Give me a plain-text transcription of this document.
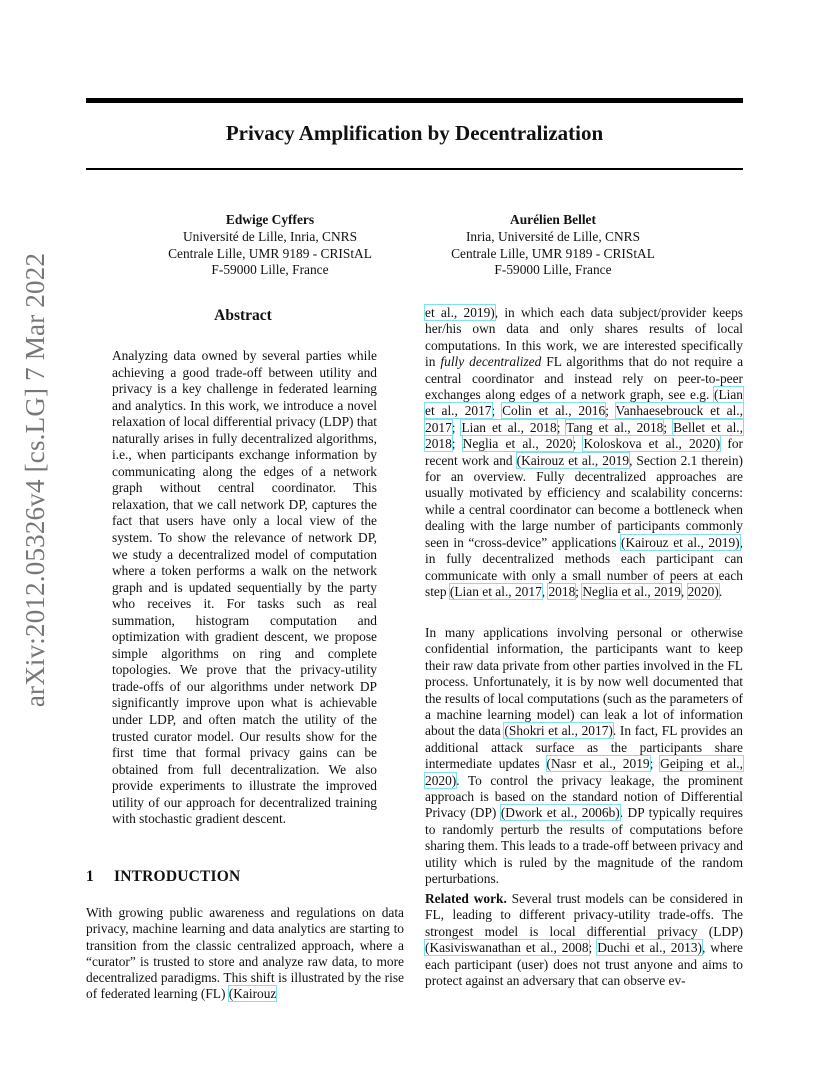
Privacy Amplification by Decentralization
arXiv:2012.05326v4 [cs.LG] 7 Mar 2022
Edwige Cyffers
Université de Lille, Inria, CNRS
Centrale Lille, UMR 9189 - CRIStAL
F-59000 Lille, France
Aurélien Bellet
Inria, Université de Lille, CNRS
Centrale Lille, UMR 9189 - CRIStAL
F-59000 Lille, France
Abstract
Analyzing data owned by several parties while achieving a good trade-off between utility and privacy is a key challenge in federated learning and analytics. In this work, we introduce a novel relaxation of local differential privacy (LDP) that naturally arises in fully decentralized algorithms, i.e., when participants exchange information by communicating along the edges of a network graph without central coordinator. This relaxation, that we call network DP, captures the fact that users have only a local view of the system. To show the relevance of network DP, we study a decentralized model of computation where a token performs a walk on the network graph and is updated sequentially by the party who receives it. For tasks such as real summation, histogram computation and optimization with gradient descent, we propose simple algorithms on ring and complete topologies. We prove that the privacy-utility trade-offs of our algorithms under network DP significantly improve upon what is achievable under LDP, and often match the utility of the trusted curator model. Our results show for the first time that formal privacy gains can be obtained from full decentralization. We also provide experiments to illustrate the improved utility of our approach for decentralized training with stochastic gradient descent.
1 INTRODUCTION
With growing public awareness and regulations on data privacy, machine learning and data analytics are starting to transition from the classic centralized approach, where a “curator” is trusted to store and analyze raw data, to more decentralized paradigms. This shift is illustrated by the rise of federated learning (FL) (Kairouz
et al., 2019), in which each data subject/provider keeps her/his own data and only shares results of local computations. In this work, we are interested specifically in fully decentralized FL algorithms that do not require a central coordinator and instead rely on peer-to-peer exchanges along edges of a network graph, see e.g. (Lian et al., 2017; Colin et al., 2016; Vanhaesebrouck et al., 2017; Lian et al., 2018; Tang et al., 2018; Bellet et al., 2018; Neglia et al., 2020; Koloskova et al., 2020) for recent work and (Kairouz et al., 2019, Section 2.1 therein) for an overview. Fully decentralized approaches are usually motivated by efficiency and scalability concerns: while a central coordinator can become a bottleneck when dealing with the large number of participants commonly seen in “cross-device” applications (Kairouz et al., 2019), in fully decentralized methods each participant can communicate with only a small number of peers at each step (Lian et al., 2017, 2018; Neglia et al., 2019, 2020).
In many applications involving personal or otherwise confidential information, the participants want to keep their raw data private from other parties involved in the FL process. Unfortunately, it is by now well documented that the results of local computations (such as the parameters of a machine learning model) can leak a lot of information about the data (Shokri et al., 2017). In fact, FL provides an additional attack surface as the participants share intermediate updates (Nasr et al., 2019; Geiping et al., 2020). To control the privacy leakage, the prominent approach is based on the standard notion of Differential Privacy (DP) (Dwork et al., 2006b). DP typically requires to randomly perturb the results of computations before sharing them. This leads to a trade-off between privacy and utility which is ruled by the magnitude of the random perturbations.
Related work. Several trust models can be considered in FL, leading to different privacy-utility trade-offs. The strongest model is local differential privacy (LDP) (Kasiviswanathan et al., 2008; Duchi et al., 2013), where each participant (user) does not trust anyone and aims to protect against an adversary that can observe ev-
